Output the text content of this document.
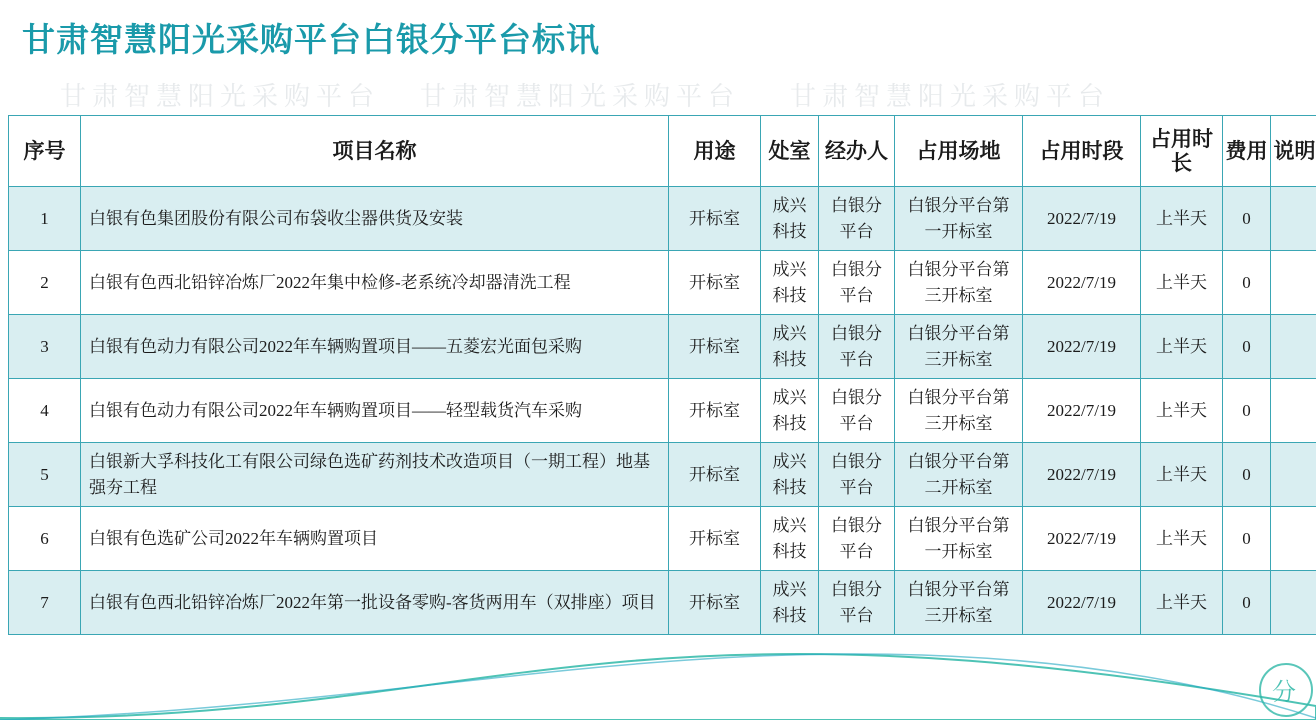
甘肃智慧阳光采购平台白银分平台标讯
甘肃智慧阳光采购平台 甘肃智慧阳光采购平台 甘肃智慧阳光采购平台
序号	项目名称	用途	处室	经办人	占用场地	占用时段	占用时长	费用	说明
1	白银有色集团股份有限公司布袋收尘器供货及安装	开标室	成兴科技	白银分平台	白银分平台第一开标室	2022/7/19	上半天	0	
2	白银有色西北铅锌冶炼厂2022年集中检修-老系统冷却器清洗工程	开标室	成兴科技	白银分平台	白银分平台第三开标室	2022/7/19	上半天	0	
3	白银有色动力有限公司2022年车辆购置项目——五菱宏光面包采购	开标室	成兴科技	白银分平台	白银分平台第三开标室	2022/7/19	上半天	0	
4	白银有色动力有限公司2022年车辆购置项目——轻型载货汽车采购	开标室	成兴科技	白银分平台	白银分平台第三开标室	2022/7/19	上半天	0	
5	白银新大孚科技化工有限公司绿色选矿药剂技术改造项目（一期工程）地基强夯工程	开标室	成兴科技	白银分平台	白银分平台第二开标室	2022/7/19	上半天	0	
6	白银有色选矿公司2022年车辆购置项目	开标室	成兴科技	白银分平台	白银分平台第一开标室	2022/7/19	上半天	0	
7	白银有色西北铅锌冶炼厂2022年第一批设备零购-客货两用车（双排座）项目	开标室	成兴科技	白银分平台	白银分平台第三开标室	2022/7/19	上半天	0	
分
